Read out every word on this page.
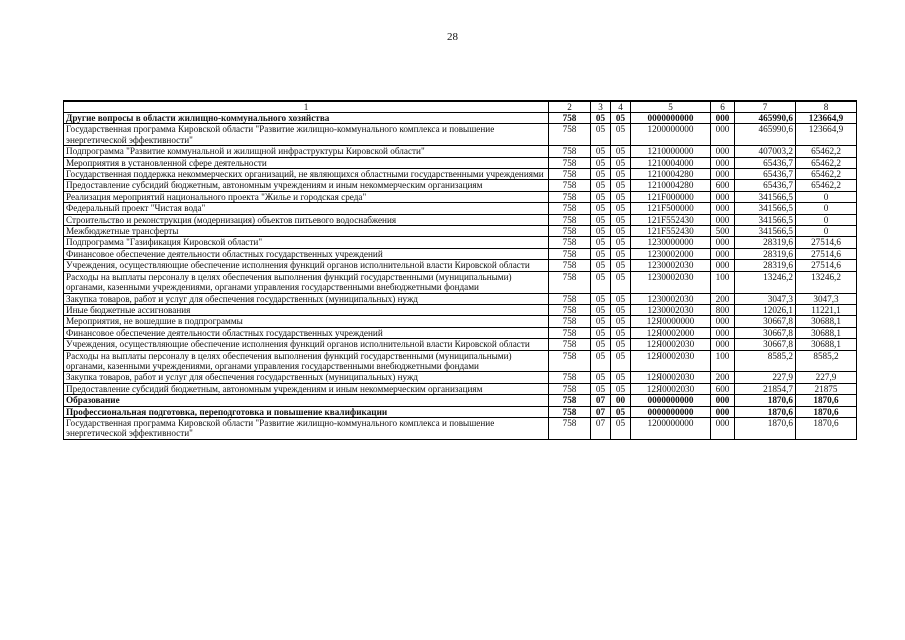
28
1	2	3	4	5	6	7	8
Другие вопросы в области жилищно-коммунального хозяйства	758	05	05	0000000000	000	465990,6	123664,9
Государственная программа Кировской области "Развитие жилищно-коммунального комплекса и повышение энергетической эффективности"	758	05	05	1200000000	000	465990,6	123664,9
Подпрограмма "Развитие коммунальной и жилищной инфраструктуры Кировской области"	758	05	05	1210000000	000	407003,2	65462,2
Мероприятия в установленной сфере деятельности	758	05	05	1210004000	000	65436,7	65462,2
Государственная поддержка некоммерческих организаций, не являющихся областными государственными учреждениями	758	05	05	1210004280	000	65436,7	65462,2
Предоставление субсидий бюджетным, автономным учреждениям и иным некоммерческим организациям	758	05	05	1210004280	600	65436,7	65462,2
Реализация мероприятий национального проекта "Жилье и городская среда"	758	05	05	121F000000	000	341566,5	0
Федеральный проект "Чистая вода"	758	05	05	121F500000	000	341566,5	0
Строительство и реконструкция (модернизация) объектов питьевого водоснабжения	758	05	05	121F552430	000	341566,5	0
Межбюджетные трансферты	758	05	05	121F552430	500	341566,5	0
Подпрограмма "Газификация Кировской области"	758	05	05	1230000000	000	28319,6	27514,6
Финансовое обеспечение деятельности областных государственных учреждений	758	05	05	1230002000	000	28319,6	27514,6
Учреждения, осуществляющие обеспечение исполнения функций органов исполнительной власти Кировской области	758	05	05	1230002030	000	28319,6	27514,6
Расходы на выплаты персоналу в целях обеспечения выполнения функций государственными (муниципальными) органами, казенными учреждениями, органами управления государственными внебюджетными фондами	758	05	05	1230002030	100	13246,2	13246,2
Закупка товаров, работ и услуг для обеспечения государственных (муниципальных) нужд	758	05	05	1230002030	200	3047,3	3047,3
Иные бюджетные ассигнования	758	05	05	1230002030	800	12026,1	11221,1
Мероприятия, не вошедшие в подпрограммы	758	05	05	12Я0000000	000	30667,8	30688,1
Финансовое обеспечение деятельности областных государственных учреждений	758	05	05	12Я0002000	000	30667,8	30688,1
Учреждения, осуществляющие обеспечение исполнения функций органов исполнительной власти Кировской области	758	05	05	12Я0002030	000	30667,8	30688,1
Расходы на выплаты персоналу в целях обеспечения выполнения функций государственными (муниципальными) органами, казенными учреждениями, органами управления государственными внебюджетными фондами	758	05	05	12Я0002030	100	8585,2	8585,2
Закупка товаров, работ и услуг для обеспечения государственных (муниципальных) нужд	758	05	05	12Я0002030	200	227,9	227,9
Предоставление субсидий бюджетным, автономным учреждениям и иным некоммерческим организациям	758	05	05	12Я0002030	600	21854,7	21875
Образование	758	07	00	0000000000	000	1870,6	1870,6
Профессиональная подготовка, переподготовка и повышение квалификации	758	07	05	0000000000	000	1870,6	1870,6
Государственная программа Кировской области "Развитие жилищно-коммунального комплекса и повышение энергетической эффективности"	758	07	05	1200000000	000	1870,6	1870,6
